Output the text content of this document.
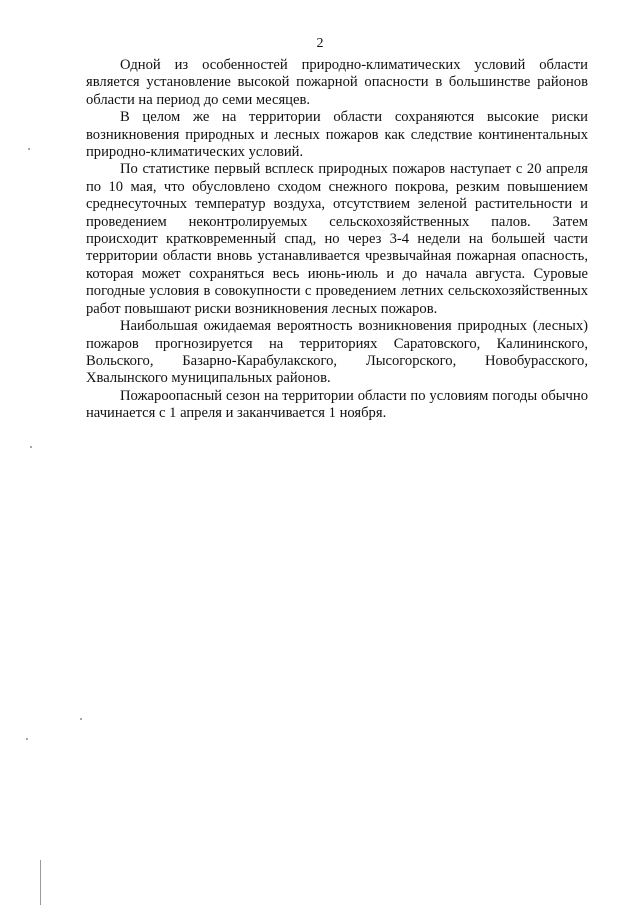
2

Одной из особенностей природно-климатических условий области является установление высокой пожарной опасности в большинстве районов области на период до семи месяцев.

В целом же на территории области сохраняются высокие риски возникновения природных и лесных пожаров как следствие континентальных природно-климатических условий.

По статистике первый всплеск природных пожаров наступает с 20 апреля по 10 мая, что обусловлено сходом снежного покрова, резким повышением среднесуточных температур воздуха, отсутствием зеленой растительности и проведением неконтролируемых сельскохозяйственных палов. Затем происходит кратковременный спад, но через 3-4 недели на большей части территории области вновь устанавливается чрезвычайная пожарная опасность, которая может сохраняться весь июнь-июль и до начала августа. Суровые погодные условия в совокупности с проведением летних сельскохозяйственных работ повышают риски возникновения лесных пожаров.

Наибольшая ожидаемая вероятность возникновения природных (лесных) пожаров прогнозируется на территориях Саратовского, Калининского, Вольского, Базарно-Карабулакского, Лысогорского, Новобурасского, Хвалынского муниципальных районов.

Пожароопасный сезон на территории области по условиям погоды обычно начинается с 1 апреля и заканчивается 1 ноября.
